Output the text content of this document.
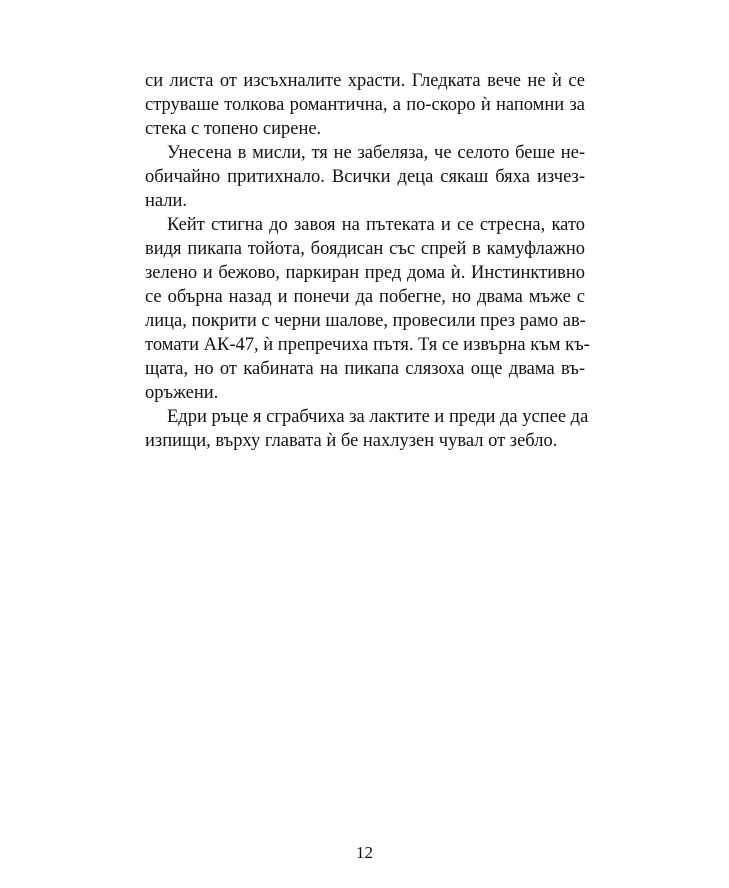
си листа от изсъхналите храсти. Гледката вече не ѝ се
струваше толкова романтична, а по-скоро ѝ напомни за
стека с топено сирене.
Унесена в мисли, тя не забеляза, че селото беше не-
обичайно притихнало. Всички деца сякаш бяха изчез-
нали.
Кейт стигна до завоя на пътеката и се стресна, като
видя пикапа тойота, боядисан със спрей в камуфлажно
зелено и бежово, паркиран пред дома ѝ. Инстинктивно
се обърна назад и понечи да побегне, но двама мъже с
лица, покрити с черни шалове, провесили през рамо ав-
томати АК-47, ѝ препречиха пътя. Тя се извърна към къ-
щата, но от кабината на пикапа слязоха още двама въ-
оръжени.
Едри ръце я сграбчиха за лактите и преди да успее да
изпищи, върху главата ѝ бе нахлузен чувал от зебло.
12
